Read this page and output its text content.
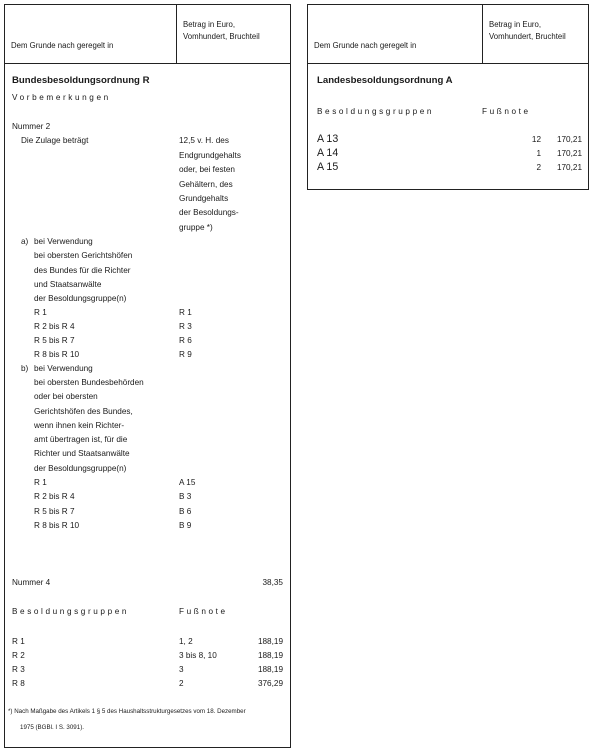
Dem Grunde nach geregelt in
Betrag in Euro,
Vomhundert, Bruchteil
Bundesbesoldungsordnung R
Vorbemerkungen
Nummer 2
Die Zulage beträgt	12,5 v. H. des
Endgrundgehalts
oder, bei festen
Gehältern, des
Grundgehalts
der Besoldungs-
gruppe *)
a) bei Verwendung
bei obersten Gerichtshöfen
des Bundes für die Richter
und Staatsanwälte
der Besoldungsgruppe(n)
R 1	R 1
R 2 bis R 4	R 3
R 5 bis R 7	R 6
R 8 bis R 10	R 9
b) bei Verwendung
bei obersten Bundesbehörden
oder bei obersten
Gerichtshöfen des Bundes,
wenn ihnen kein Richter-
amt übertragen ist, für die
Richter und Staatsanwälte
der Besoldungsgruppe(n)
R 1	A 15
R 2 bis R 4	B 3
R 5 bis R 7	B 6
R 8 bis R 10	B 9
Nummer 4	38,35
Besoldungsgruppen	Fußnote
R 1	1, 2	188,19
R 2	3 bis 8, 10	188,19
R 3	3	188,19
R 8	2	376,29
*) Nach Maßgabe des Artikels 1 § 5 des Haushaltsstrukturgesetzes vom 18. Dezember
1975 (BGBl. I S. 3091).
Dem Grunde nach geregelt in
Betrag in Euro,
Vomhundert, Bruchteil
Landesbesoldungsordnung A
Besoldungsgruppen	Fußnote
A 13	12 170,21
A 14	1 170,21
A 15	2 170,21
